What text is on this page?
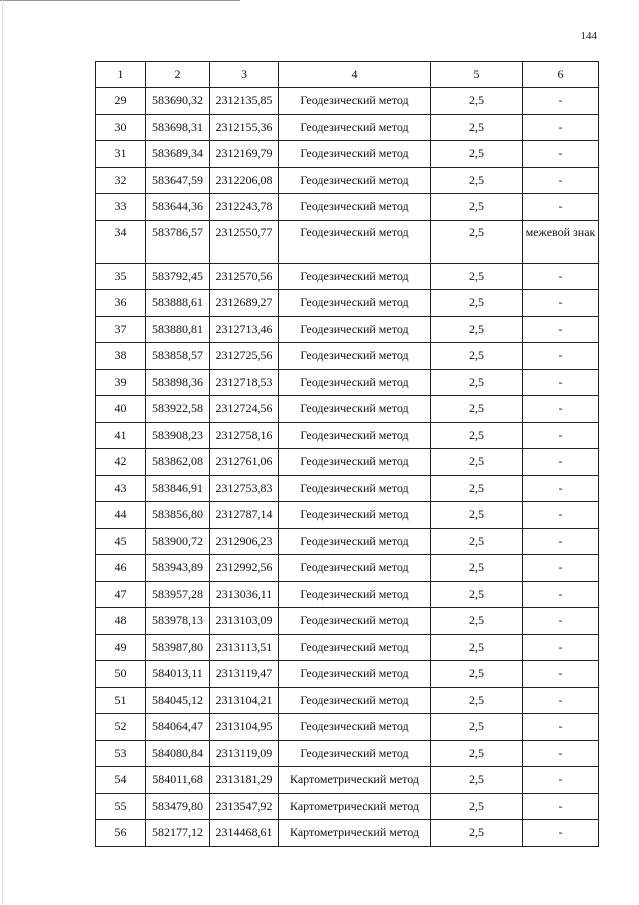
144
1	2	3	4	5	6
29	583690,32	2312135,85	Геодезический метод	2,5	-
30	583698,31	2312155,36	Геодезический метод	2,5	-
31	583689,34	2312169,79	Геодезический метод	2,5	-
32	583647,59	2312206,08	Геодезический метод	2,5	-
33	583644,36	2312243,78	Геодезический метод	2,5	-
34	583786,57	2312550,77	Геодезический метод	2,5	межевой знак
35	583792,45	2312570,56	Геодезический метод	2,5	-
36	583888,61	2312689,27	Геодезический метод	2,5	-
37	583880,81	2312713,46	Геодезический метод	2,5	-
38	583858,57	2312725,56	Геодезический метод	2,5	-
39	583898,36	2312718,53	Геодезический метод	2,5	-
40	583922,58	2312724,56	Геодезический метод	2,5	-
41	583908,23	2312758,16	Геодезический метод	2,5	-
42	583862,08	2312761,06	Геодезический метод	2,5	-
43	583846,91	2312753,83	Геодезический метод	2,5	-
44	583856,80	2312787,14	Геодезический метод	2,5	-
45	583900,72	2312906,23	Геодезический метод	2,5	-
46	583943,89	2312992,56	Геодезический метод	2,5	-
47	583957,28	2313036,11	Геодезический метод	2,5	-
48	583978,13	2313103,09	Геодезический метод	2,5	-
49	583987,80	2313113,51	Геодезический метод	2,5	-
50	584013,11	2313119,47	Геодезический метод	2,5	-
51	584045,12	2313104,21	Геодезический метод	2,5	-
52	584064,47	2313104,95	Геодезический метод	2,5	-
53	584080,84	2313119,09	Геодезический метод	2,5	-
54	584011,68	2313181,29	Картометрический метод	2,5	-
55	583479,80	2313547,92	Картометрический метод	2,5	-
56	582177,12	2314468,61	Картометрический метод	2,5	-
